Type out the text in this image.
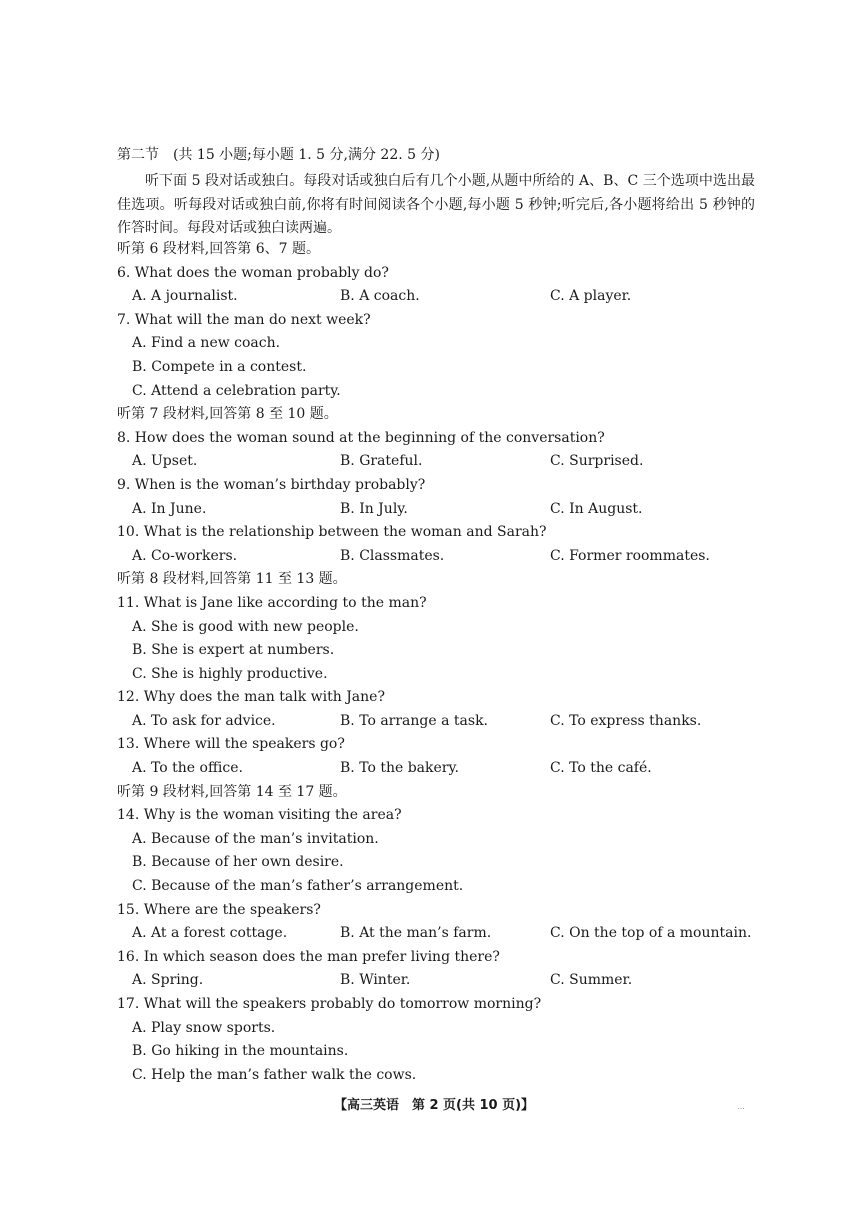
第二节　(共 15 小题;每小题 1. 5 分,满分 22. 5 分)
听下面 5 段对话或独白。每段对话或独白后有几个小题,从题中所给的 A、B、C 三个选项中选出最佳选项。听每段对话或独白前,你将有时间阅读各个小题,每小题 5 秒钟;听完后,各小题将给出 5 秒钟的作答时间。每段对话或独白读两遍。
听第 6 段材料,回答第 6、7 题。
6. What does the woman probably do?
A. A journalist.	B. A coach.	C. A player.
7. What will the man do next week?
A. Find a new coach.
B. Compete in a contest.
C. Attend a celebration party.
听第 7 段材料,回答第 8 至 10 题。
8. How does the woman sound at the beginning of the conversation?
A. Upset.	B. Grateful.	C. Surprised.
9. When is the woman’s birthday probably?
A. In June.	B. In July.	C. In August.
10. What is the relationship between the woman and Sarah?
A. Co-workers.	B. Classmates.	C. Former roommates.
听第 8 段材料,回答第 11 至 13 题。
11. What is Jane like according to the man?
A. She is good with new people.
B. She is expert at numbers.
C. She is highly productive.
12. Why does the man talk with Jane?
A. To ask for advice.	B. To arrange a task.	C. To express thanks.
13. Where will the speakers go?
A. To the office.	B. To the bakery.	C. To the café.
听第 9 段材料,回答第 14 至 17 题。
14. Why is the woman visiting the area?
A. Because of the man’s invitation.
B. Because of her own desire.
C. Because of the man’s father’s arrangement.
15. Where are the speakers?
A. At a forest cottage.	B. At the man’s farm.	C. On the top of a mountain.
16. In which season does the man prefer living there?
A. Spring.	B. Winter.	C. Summer.
17. What will the speakers probably do tomorrow morning?
A. Play snow sports.
B. Go hiking in the mountains.
C. Help the man’s father walk the cows.
【高三英语　第 2 页(共 10 页)】	…
